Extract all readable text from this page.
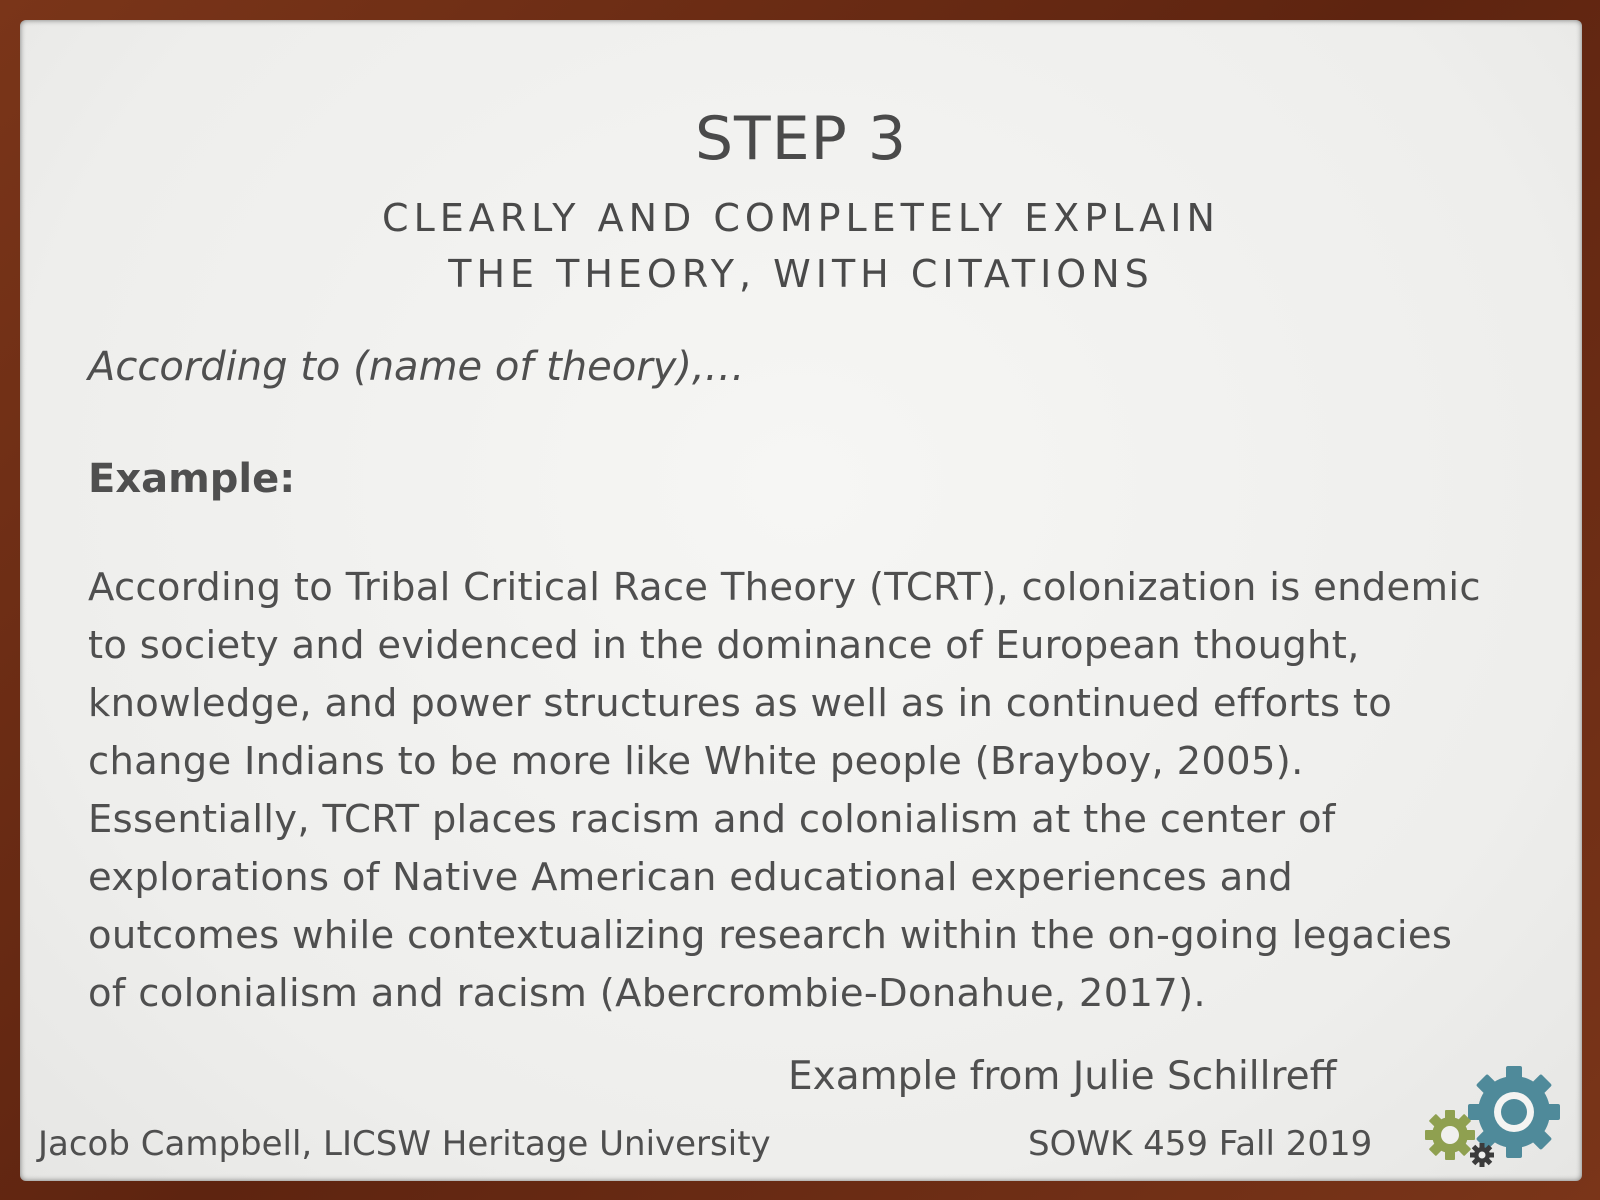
STEP 3
CLEARLY AND COMPLETELY EXPLAIN
THE THEORY, WITH CITATIONS
According to (name of theory),…
Example:
According to Tribal Critical Race Theory (TCRT), colonization is endemic to society and evidenced in the dominance of European thought, knowledge, and power structures as well as in continued efforts to change Indians to be more like White people (Brayboy, 2005). Essentially, TCRT places racism and colonialism at the center of explorations of Native American educational experiences and outcomes while contextualizing research within the on-going legacies of colonialism and racism (Abercrombie-Donahue, 2017).
Example from Julie Schillreff
Jacob Campbell, LICSW Heritage University	SOWK 459 Fall 2019
